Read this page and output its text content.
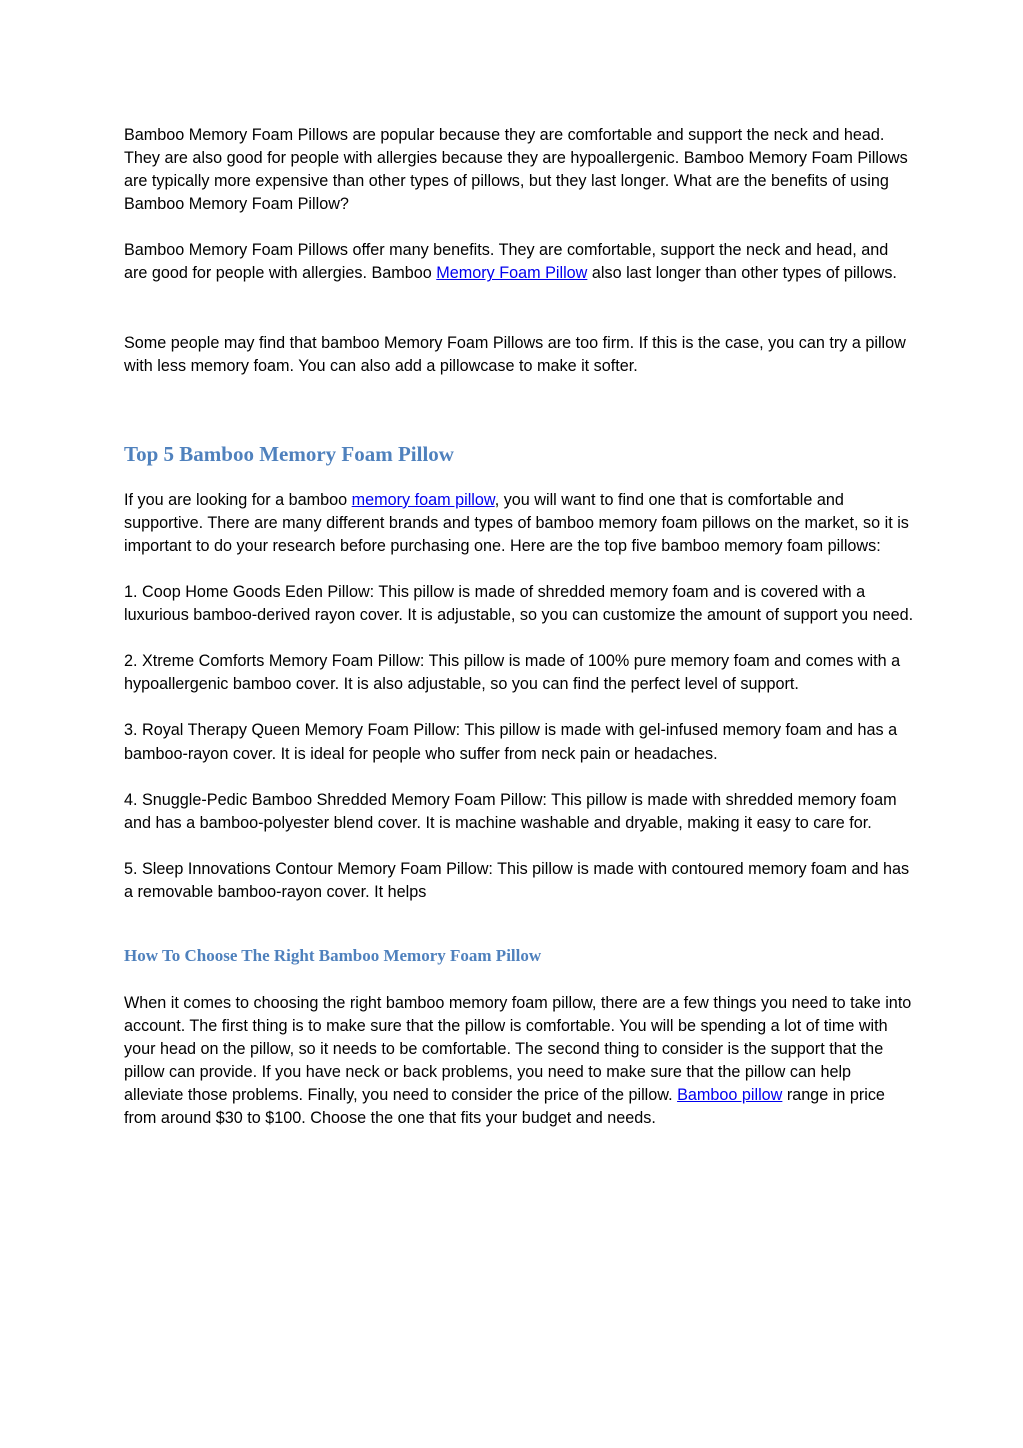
Bamboo Memory Foam Pillows are popular because they are comfortable and support the neck and head. They are also good for people with allergies because they are hypoallergenic. Bamboo Memory Foam Pillows are typically more expensive than other types of pillows, but they last longer. What are the benefits of using Bamboo Memory Foam Pillow?

Bamboo Memory Foam Pillows offer many benefits. They are comfortable, support the neck and head, and are good for people with allergies. Bamboo Memory Foam Pillow also last longer than other types of pillows.

Some people may find that bamboo Memory Foam Pillows are too firm. If this is the case, you can try a pillow with less memory foam. You can also add a pillowcase to make it softer.

Top 5 Bamboo Memory Foam Pillow

If you are looking for a bamboo memory foam pillow, you will want to find one that is comfortable and supportive. There are many different brands and types of bamboo memory foam pillows on the market, so it is important to do your research before purchasing one. Here are the top five bamboo memory foam pillows:

1. Coop Home Goods Eden Pillow: This pillow is made of shredded memory foam and is covered with a luxurious bamboo-derived rayon cover. It is adjustable, so you can customize the amount of support you need.

2. Xtreme Comforts Memory Foam Pillow: This pillow is made of 100% pure memory foam and comes with a hypoallergenic bamboo cover. It is also adjustable, so you can find the perfect level of support.

3. Royal Therapy Queen Memory Foam Pillow: This pillow is made with gel-infused memory foam and has a bamboo-rayon cover. It is ideal for people who suffer from neck pain or headaches.

4. Snuggle-Pedic Bamboo Shredded Memory Foam Pillow: This pillow is made with shredded memory foam and has a bamboo-polyester blend cover. It is machine washable and dryable, making it easy to care for.

5. Sleep Innovations Contour Memory Foam Pillow: This pillow is made with contoured memory foam and has a removable bamboo-rayon cover. It helps

How To Choose The Right Bamboo Memory Foam Pillow

When it comes to choosing the right bamboo memory foam pillow, there are a few things you need to take into account. The first thing is to make sure that the pillow is comfortable. You will be spending a lot of time with your head on the pillow, so it needs to be comfortable. The second thing to consider is the support that the pillow can provide. If you have neck or back problems, you need to make sure that the pillow can help alleviate those problems. Finally, you need to consider the price of the pillow. Bamboo pillow range in price from around $30 to $100. Choose the one that fits your budget and needs.
